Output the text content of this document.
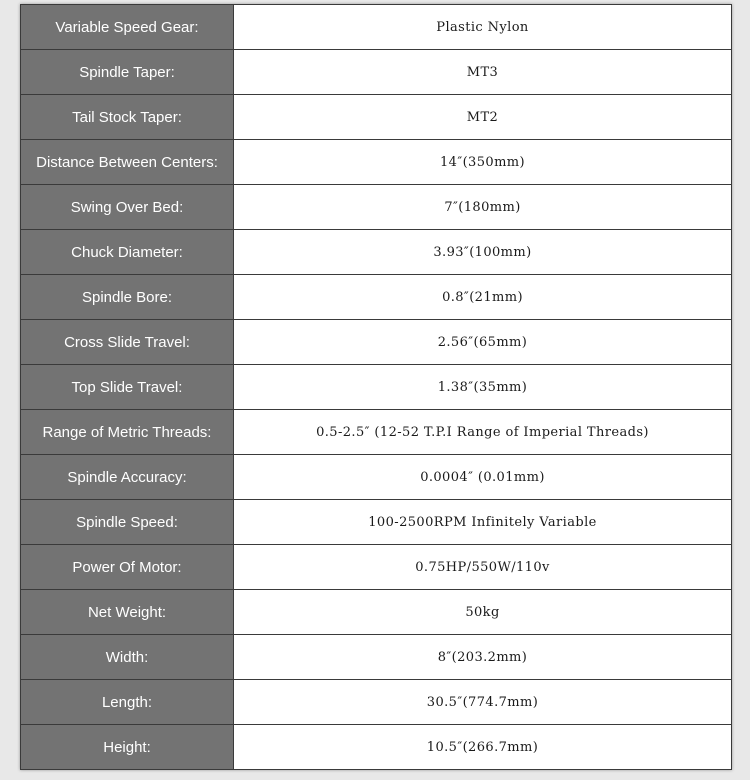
Variable Speed Gear:	Plastic Nylon
Spindle Taper:	MT3
Tail Stock Taper:	MT2
Distance Between Centers:	14″(350mm)
Swing Over Bed:	7″(180mm)
Chuck Diameter:	3.93″(100mm)
Spindle Bore:	0.8″(21mm)
Cross Slide Travel:	2.56″(65mm)
Top Slide Travel:	1.38″(35mm)
Range of Metric Threads:	0.5-2.5″ (12-52 T.P.I Range of Imperial Threads)
Spindle Accuracy:	0.0004″ (0.01mm)
Spindle Speed:	100-2500RPM Infinitely Variable
Power Of Motor:	0.75HP/550W/110v
Net Weight:	50kg
Width:	8″(203.2mm)
Length:	30.5″(774.7mm)
Height:	10.5″(266.7mm)
